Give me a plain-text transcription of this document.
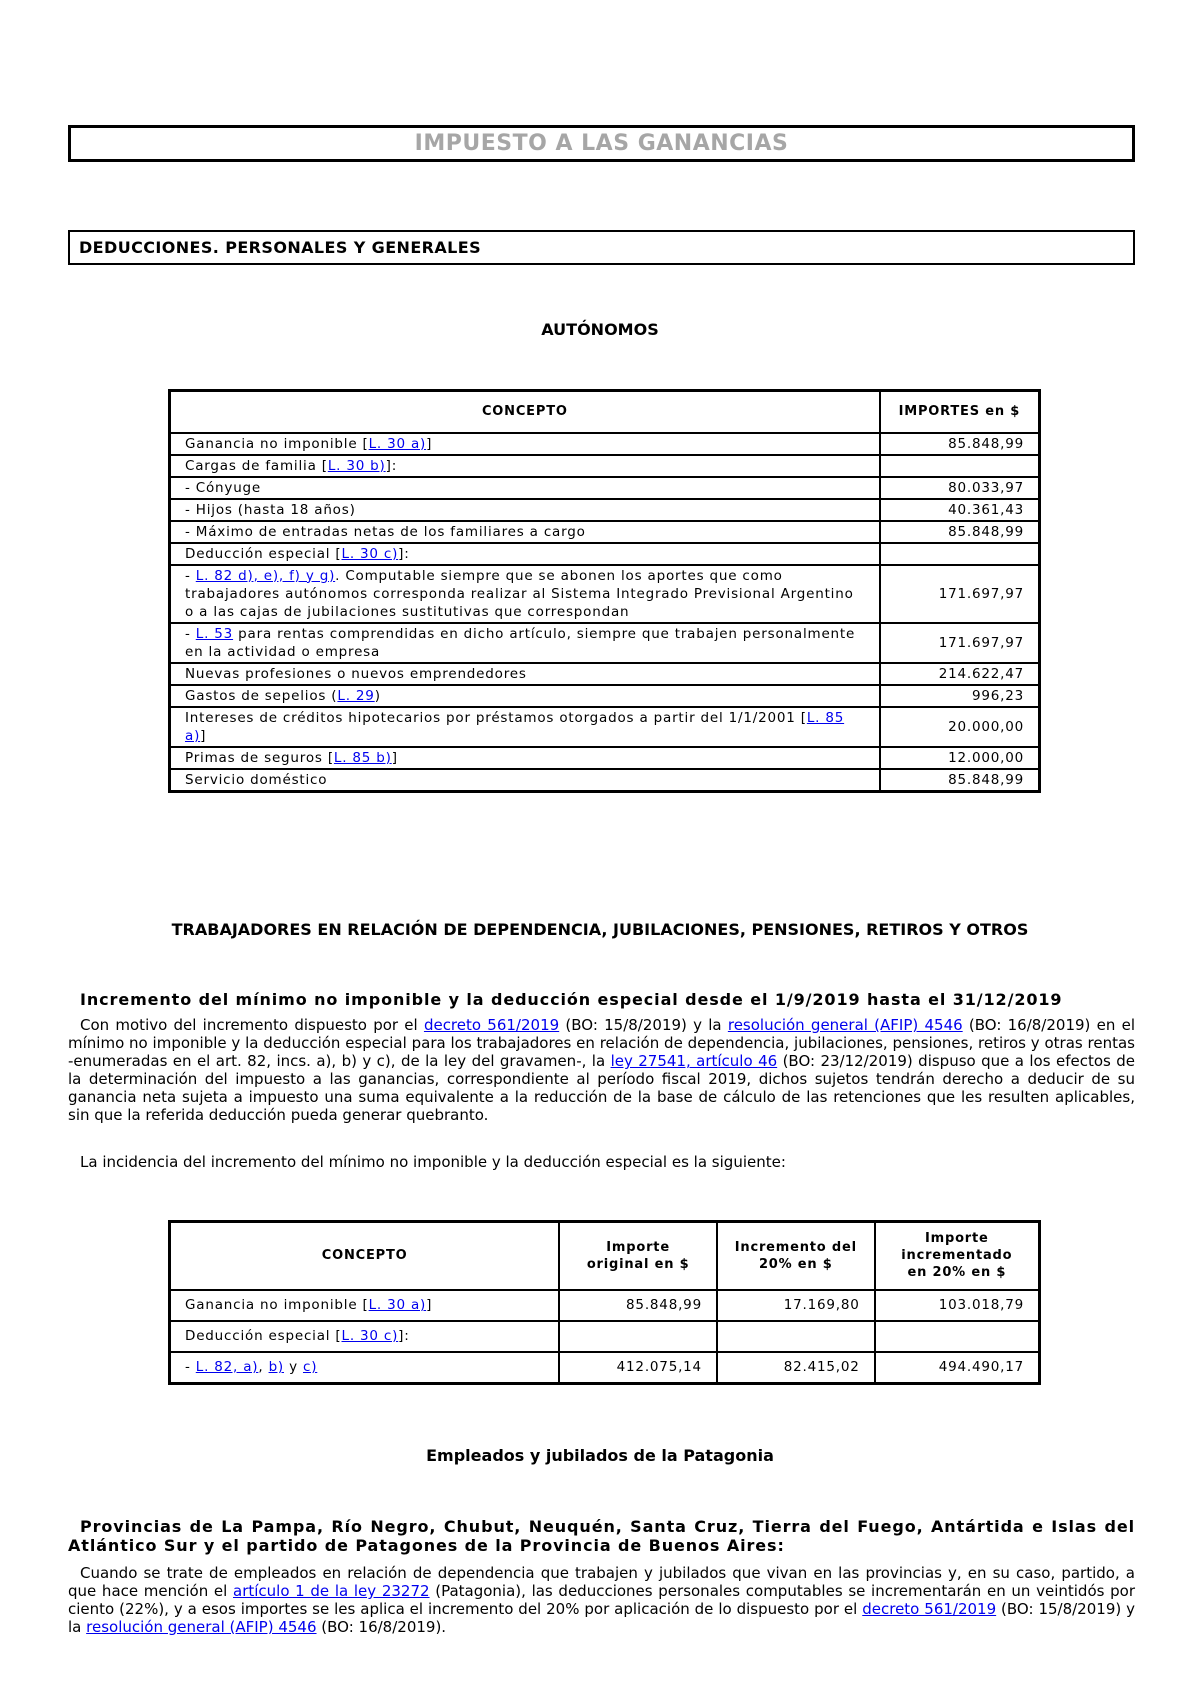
IMPUESTO A LAS GANANCIAS
DEDUCCIONES. PERSONALES Y GENERALES
AUTÓNOMOS
CONCEPTO	IMPORTES en $
Ganancia no imponible [L. 30 a)]	85.848,99
Cargas de familia [L. 30 b)]:	
- Cónyuge	80.033,97
- Hijos (hasta 18 años)	40.361,43
- Máximo de entradas netas de los familiares a cargo	85.848,99
Deducción especial [L. 30 c)]:	
- L. 82 d), e), f) y g). Computable siempre que se abonen los aportes que como trabajadores autónomos corresponda realizar al Sistema Integrado Previsional Argentino o a las cajas de jubilaciones sustitutivas que correspondan	171.697,97
- L. 53 para rentas comprendidas en dicho artículo, siempre que trabajen personalmente en la actividad o empresa	171.697,97
Nuevas profesiones o nuevos emprendedores	214.622,47
Gastos de sepelios (L. 29)	996,23
Intereses de créditos hipotecarios por préstamos otorgados a partir del 1/1/2001 [L. 85 a)]	20.000,00
Primas de seguros [L. 85 b)]	12.000,00
Servicio doméstico	85.848,99
TRABAJADORES EN RELACIÓN DE DEPENDENCIA, JUBILACIONES, PENSIONES, RETIROS Y OTROS
Incremento del mínimo no imponible y la deducción especial desde el 1/9/2019 hasta el 31/12/2019

Con motivo del incremento dispuesto por el decreto 561/2019 (BO: 15/8/2019) y la resolución general (AFIP) 4546 (BO: 16/8/2019) en el mínimo no imponible y la deducción especial para los trabajadores en relación de dependencia, jubilaciones, pensiones, retiros y otras rentas -enumeradas en el art. 82, incs. a), b) y c), de la ley del gravamen-, la ley 27541, artículo 46 (BO: 23/12/2019) dispuso que a los efectos de la determinación del impuesto a las ganancias, correspondiente al período fiscal 2019, dichos sujetos tendrán derecho a deducir de su ganancia neta sujeta a impuesto una suma equivalente a la reducción de la base de cálculo de las retenciones que les resulten aplicables, sin que la referida deducción pueda generar quebranto.

La incidencia del incremento del mínimo no imponible y la deducción especial es la siguiente:

CONCEPTO	Importe original en $	Incremento del 20% en $	Importe incrementado en 20% en $
Ganancia no imponible [L. 30 a)]	85.848,99	17.169,80	103.018,79
Deducción especial [L. 30 c)]:			
- L. 82, a), b) y c)	412.075,14	82.415,02	494.490,17
Empleados y jubilados de la Patagonia
Provincias de La Pampa, Río Negro, Chubut, Neuquén, Santa Cruz, Tierra del Fuego, Antártida e Islas del Atlántico Sur y el partido de Patagones de la Provincia de Buenos Aires:

Cuando se trate de empleados en relación de dependencia que trabajen y jubilados que vivan en las provincias y, en su caso, partido, a que hace mención el artículo 1 de la ley 23272 (Patagonia), las deducciones personales computables se incrementarán en un veintidós por ciento (22%), y a esos importes se les aplica el incremento del 20% por aplicación de lo dispuesto por el decreto 561/2019 (BO: 15/8/2019) y la resolución general (AFIP) 4546 (BO: 16/8/2019).
